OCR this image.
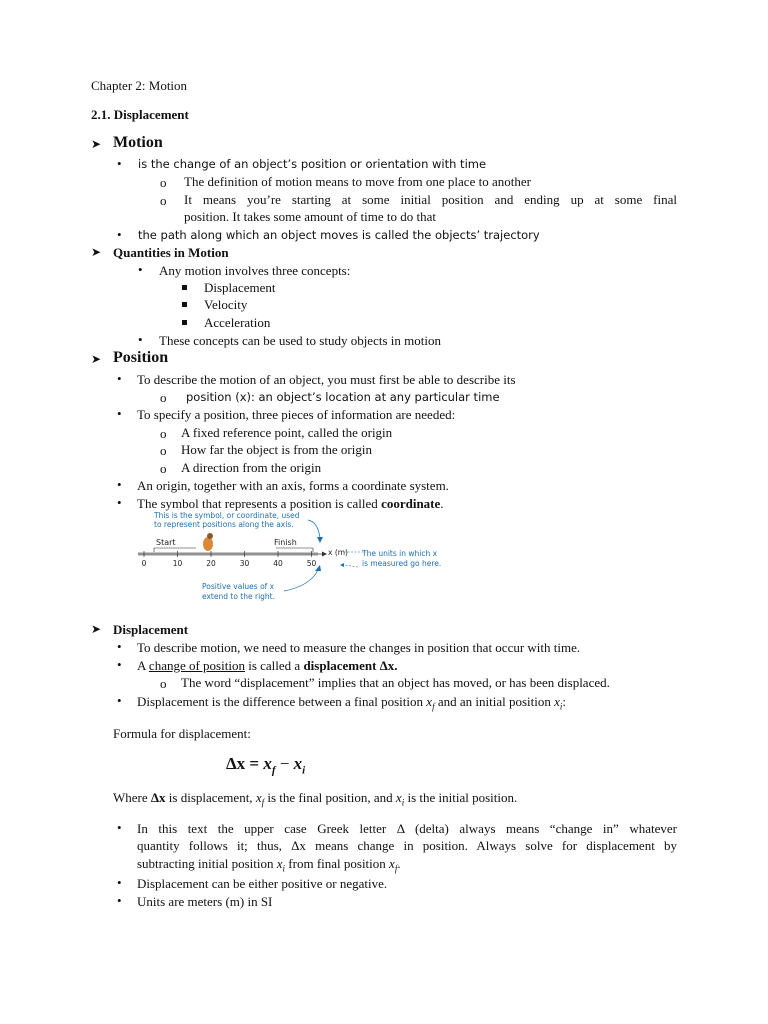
Chapter 2: Motion
2.1. Displacement
➤ Motion
• is the change of an object’s position or orientation with time
o The definition of motion means to move from one place to another
o It means you’re starting at some initial position and ending up at some final
position. It takes some amount of time to do that
• the path along which an object moves is called the objects’ trajectory
➤ Quantities in Motion
• Any motion involves three concepts:
Displacement
Velocity
Acceleration
• These concepts can be used to study objects in motion
➤ Position
• To describe the motion of an object, you must first be able to describe its
o position (x): an object’s location at any particular time
• To specify a position, three pieces of information are needed:
o A fixed reference point, called the origin
o How far the object is from the origin
o A direction from the origin
• An origin, together with an axis, forms a coordinate system.
• The symbol that represents a position is called coordinate.
This is the symbol, or coordinate, used
to represent positions along the axis.
Start	Finish
x (m)
0	10	20	30	40	50
The units in which x
is measured go here.
Positive values of x
extend to the right.
➤ Displacement
• To describe motion, we need to measure the changes in position that occur with time.
• A change of position is called a displacement Δx.
o The word “displacement” implies that an object has moved, or has been displaced.
• Displacement is the difference between a final position $x_f$ and an initial position $x_i$:
Formula for displacement:
$\Delta x = x_f - x_i$
Where Δx is displacement, $x_f$ is the final position, and $x_i$ is the initial position.
• In this text the upper case Greek letter Δ (delta) always means “change in” whatever
quantity follows it; thus, Δx means change in position. Always solve for displacement by
subtracting initial position $x_i$ from final position $x_f$.
• Displacement can be either positive or negative.
• Units are meters (m) in SI
